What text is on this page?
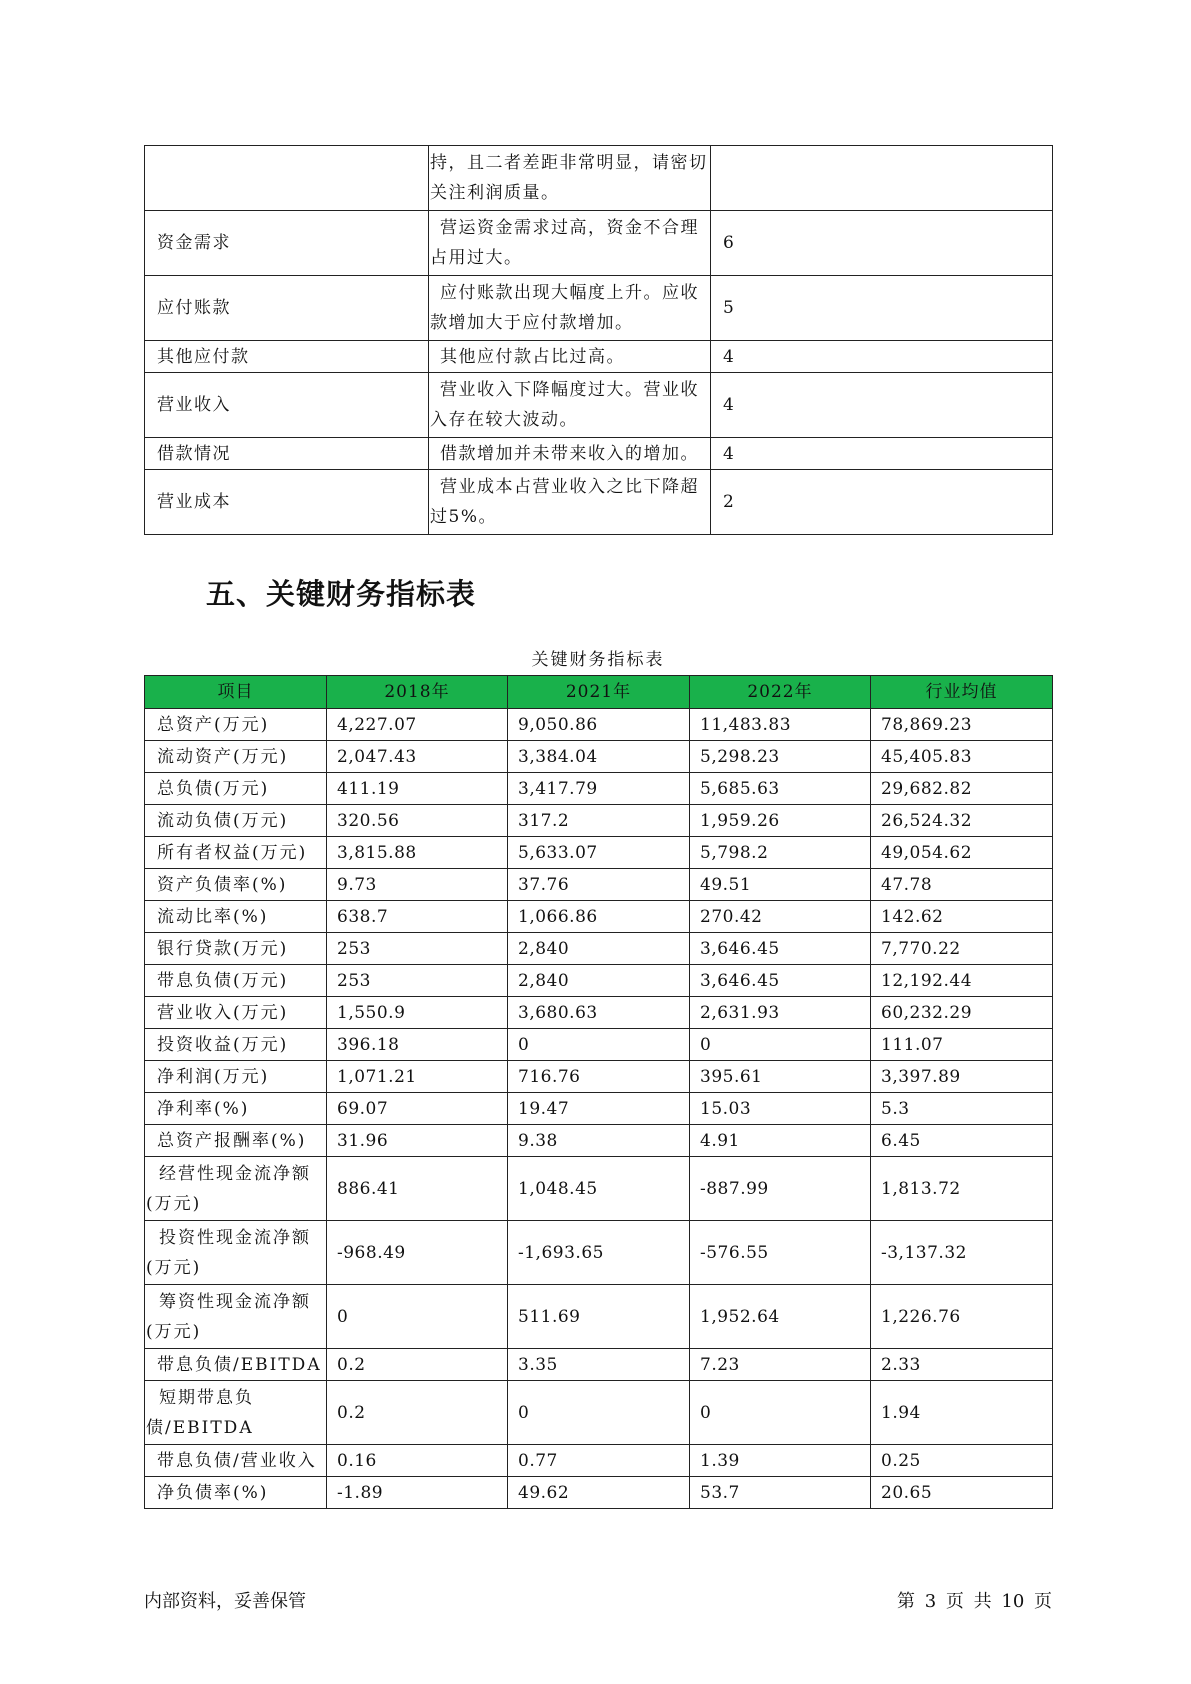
	持，且二者差距非常明显，请密切关注利润质量。	
资金需求	营运资金需求过高，资金不合理占用过大。	6
应付账款	应付账款出现大幅度上升。应收款增加大于应付款增加。	5
其他应付款	其他应付款占比过高。	4
营业收入	营业收入下降幅度过大。营业收入存在较大波动。	4
借款情况	借款增加并未带来收入的增加。	4
营业成本	营业成本占营业收入之比下降超过5%。	2
五、关键财务指标表
关键财务指标表
项目	2018年	2021年	2022年	行业均值
总资产(万元)	4,227.07	9,050.86	11,483.83	78,869.23
流动资产(万元)	2,047.43	3,384.04	5,298.23	45,405.83
总负债(万元)	411.19	3,417.79	5,685.63	29,682.82
流动负债(万元)	320.56	317.2	1,959.26	26,524.32
所有者权益(万元)	3,815.88	5,633.07	5,798.2	49,054.62
资产负债率(%)	9.73	37.76	49.51	47.78
流动比率(%)	638.7	1,066.86	270.42	142.62
银行贷款(万元)	253	2,840	3,646.45	7,770.22
带息负债(万元)	253	2,840	3,646.45	12,192.44
营业收入(万元)	1,550.9	3,680.63	2,631.93	60,232.29
投资收益(万元)	396.18	0	0	111.07
净利润(万元)	1,071.21	716.76	395.61	3,397.89
净利率(%)	69.07	19.47	15.03	5.3
总资产报酬率(%)	31.96	9.38	4.91	6.45
经营性现金流净额(万元)	886.41	1,048.45	-887.99	1,813.72
投资性现金流净额(万元)	-968.49	-1,693.65	-576.55	-3,137.32
筹资性现金流净额(万元)	0	511.69	1,952.64	1,226.76
带息负债/EBITDA	0.2	3.35	7.23	2.33
短期带息负债/EBITDA	0.2	0	0	1.94
带息负债/营业收入	0.16	0.77	1.39	0.25
净负债率(%)	-1.89	49.62	53.7	20.65
内部资料，妥善保管	第 3 页 共 10 页
